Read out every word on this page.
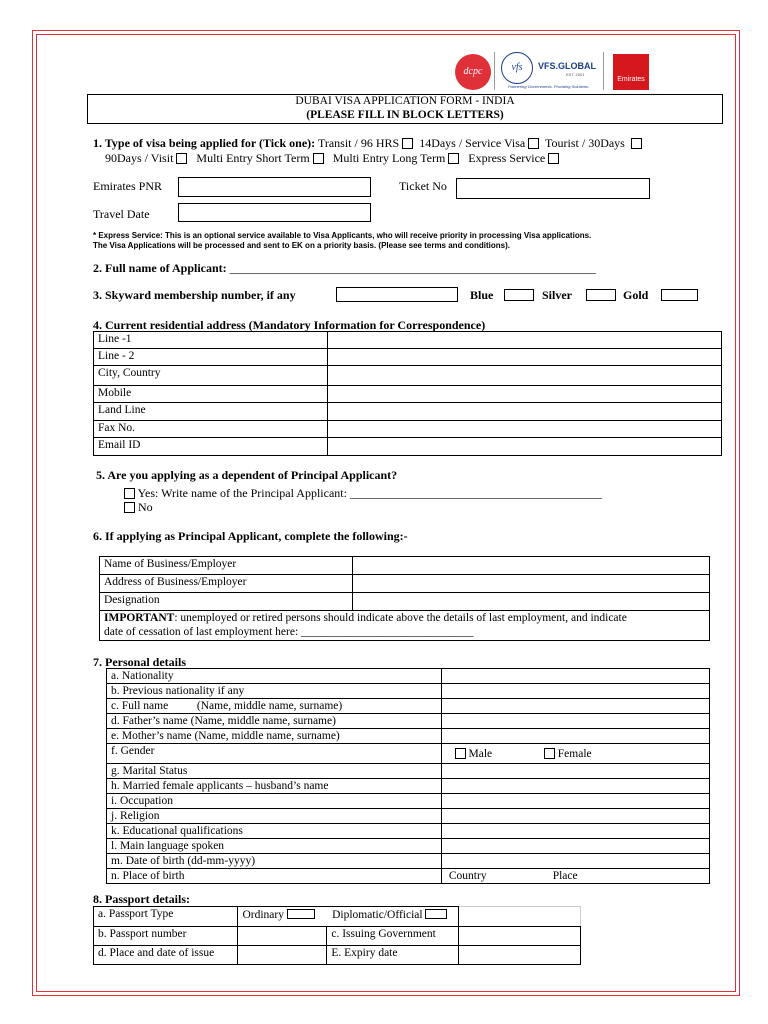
dcpc	vfs	VFS.GLOBAL
EST. 2001
Partnering Governments. Providing Solutions.
Emirates
DUBAI VISA APPLICATION FORM - INDIA
(PLEASE FILL IN BLOCK LETTERS)
1. Type of visa being applied for (Tick one): Transit / 96 HRS 14Days / Service Visa Tourist / 30Days
90Days / Visit Multi Entry Short Term Multi Entry Long Term Express Service
Emirates PNR	Ticket No
Travel Date
* Express Service: This is an optional service available to Visa Applicants, who will receive priority in processing Visa applications.
The Visa Applications will be processed and sent to EK on a priority basis. (Please see terms and conditions).
2. Full name of Applicant: _____________________________________________________________
3. Skyward membership number, if any	Blue	Silver	Gold
4. Current residential address (Mandatory Information for Correspondence)
Line -1	
Line - 2	
City, Country	
Mobile	
Land Line	
Fax No.	
Email ID	
5. Are you applying as a dependent of Principal Applicant?
Yes: Write name of the Principal Applicant: __________________________________________
No
6. If applying as Principal Applicant, complete the following:-
Name of Business/Employer	
Address of Business/Employer	
Designation	
IMPORTANT: unemployed or retired persons should indicate above the details of last employment, and indicate
date of cessation of last employment here: ______________________________	
7. Personal details
a. Nationality	
b. Previous nationality if any	
c. Full name (Name, middle name, surname)	
d. Father’s name (Name, middle name, surname)	
e. Mother’s name (Name, middle name, surname)	
f. Gender	Male Female
g. Marital Status	
h. Married female applicants – husband’s name	
i. Occupation	
j. Religion	
k. Educational qualifications	
l. Main language spoken	
m. Date of birth (dd-mm-yyyy)	
n. Place of birth	Country Place
8. Passport details:
a. Passport Type	Ordinary Diplomatic/Official		
b. Passport number		c. Issuing Government	
d. Place and date of issue		E. Expiry date	
